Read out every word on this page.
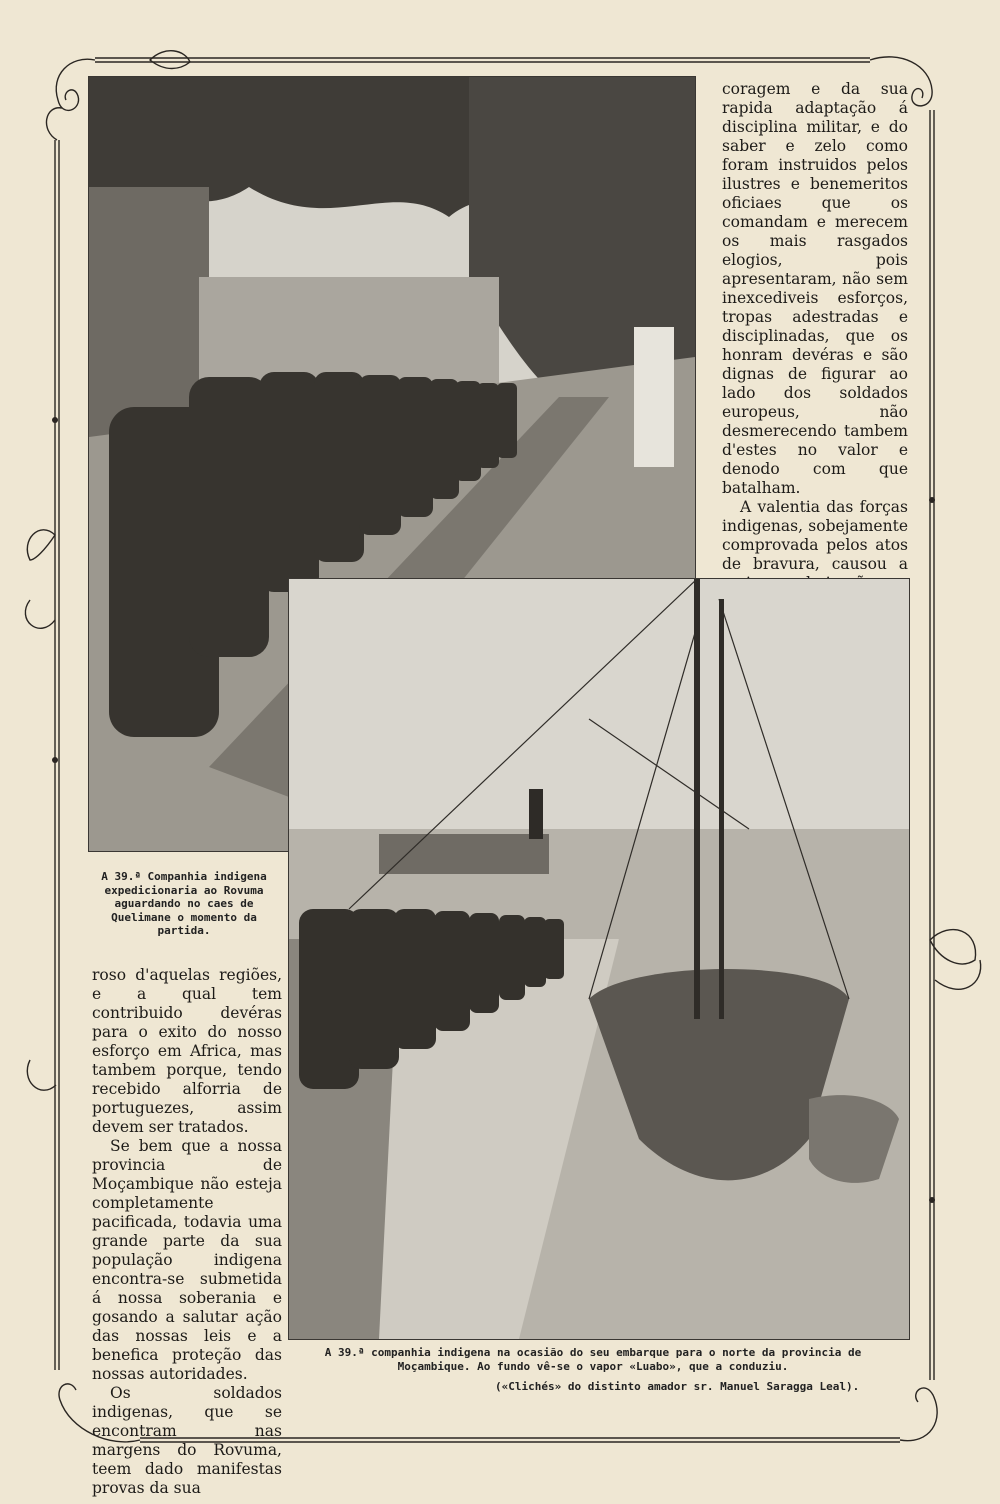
coragem e da sua rapida adaptação á disciplina militar, e do saber e zelo como foram instruidos pelos ilustres e benemeritos oficiaes que os comandam e merecem os mais rasgados elogios, pois apresentaram, não sem inexcediveis esforços, tropas adestradas e disciplinadas, que os honram devéras e são dignas de figurar ao lado dos soldados europeus, não desmerecendo tambem d'estes no valor e denodo com que batalham.

A valentia das forças indigenas, sobejamente comprovada pelos atos de bravura, causou a

A 39.ª Companhia indigena expedicionaria ao Rovuma aguardando no caes de Quelimane o momento da partida.

roso d'aquelas regiões, e a qual tem contribuido devéras para o exito do nosso esforço em Africa, mas tambem porque, tendo recebido alforria de portuguezes, assim devem ser tratados.

Se bem que a nossa provincia de Moçambique não esteja completamente pacificada, todavia uma grande parte da sua população indigena encontra-se submetida á nossa soberania e gosando a salutar ação das nossas leis e a benefica proteção das nossas autoridades.

Os soldados indigenas, que se encontram nas margens do Rovuma, teem dado manifestas provas da sua

A 39.ª companhia indigena na ocasião do seu embarque para o norte da provincia de Moçambique. Ao fundo vê-se o vapor «Luabo», que a conduziu.
(«Clichés» do distinto amador sr. Manuel Saragga Leal).
